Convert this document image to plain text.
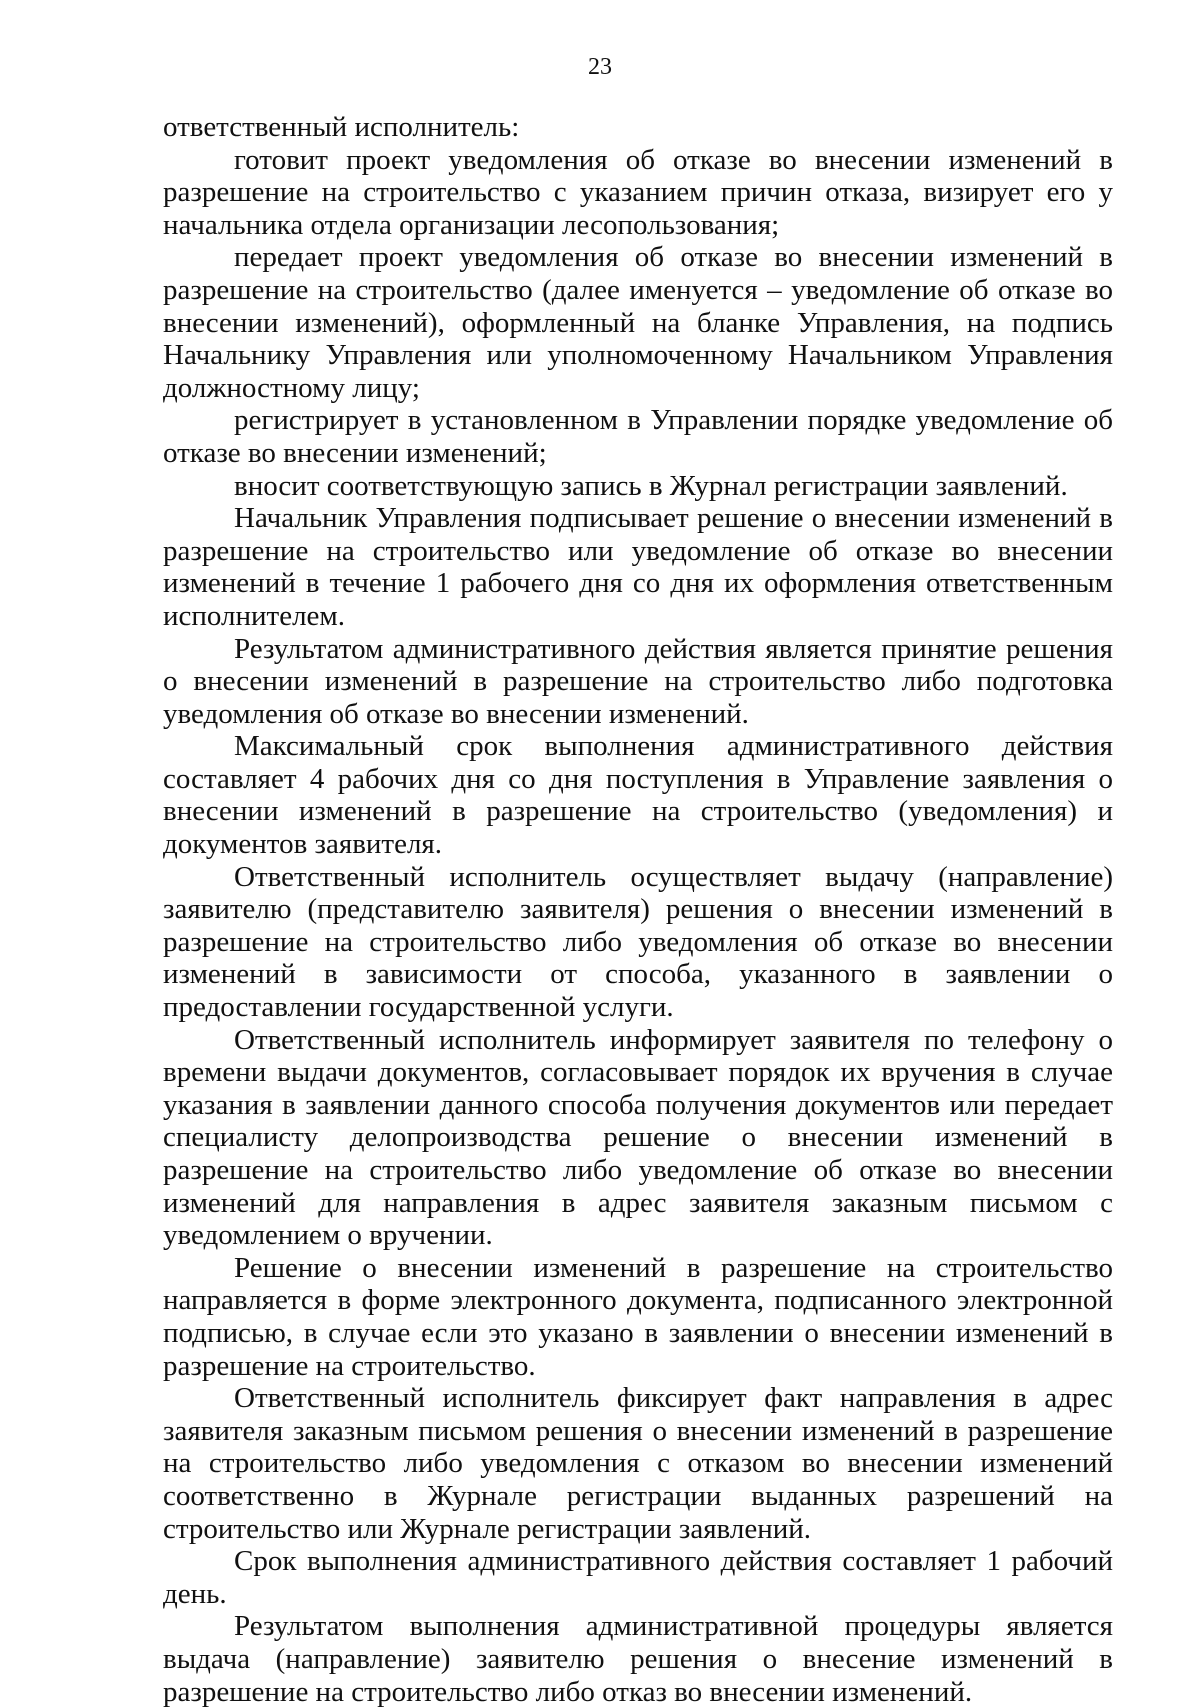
23

ответственный исполнитель:

готовит проект уведомления об отказе во внесении изменений в разрешение на строительство с указанием причин отказа, визирует его у начальника отдела организации лесопользования;

передает проект уведомления об отказе во внесении изменений в разрешение на строительство (далее именуется – уведомление об отказе во внесении изменений), оформленный на бланке Управления, на подпись Начальнику Управления или уполномоченному Начальником Управления должностному лицу;

регистрирует в установленном в Управлении порядке уведомление об отказе во внесении изменений;

вносит соответствующую запись в Журнал регистрации заявлений.

Начальник Управления подписывает решение о внесении изменений в разрешение на строительство или уведомление об отказе во внесении изменений в течение 1 рабочего дня со дня их оформления ответственным исполнителем.

Результатом административного действия является принятие решения о внесении изменений в разрешение на строительство либо подготовка уведомления об отказе во внесении изменений.

Максимальный срок выполнения административного действия составляет 4 рабочих дня со дня поступления в Управление заявления о внесении изменений в разрешение на строительство (уведомления) и документов заявителя.

Ответственный исполнитель осуществляет выдачу (направление) заявителю (представителю заявителя) решения о внесении изменений в разрешение на строительство либо уведомления об отказе во внесении изменений в зависимости от способа, указанного в заявлении о предоставлении государственной услуги.

Ответственный исполнитель информирует заявителя по телефону о времени выдачи документов, согласовывает порядок их вручения в случае указания в заявлении данного способа получения документов или передает специалисту делопроизводства решение о внесении изменений в разрешение на строительство либо уведомление об отказе во внесении изменений для направления в адрес заявителя заказным письмом с уведомлением о вручении.

Решение о внесении изменений в разрешение на строительство направляется в форме электронного документа, подписанного электронной подписью, в случае если это указано в заявлении о внесении изменений в разрешение на строительство.

Ответственный исполнитель фиксирует факт направления в адрес заявителя заказным письмом решения о внесении изменений в разрешение на строительство либо уведомления с отказом во внесении изменений соответственно в Журнале регистрации выданных разрешений на строительство или Журнале регистрации заявлений.

Срок выполнения административного действия составляет 1 рабочий день.

Результатом выполнения административной процедуры является выдача (направление) заявителю решения о внесение изменений в разрешение на строительство либо отказ во внесении изменений.
